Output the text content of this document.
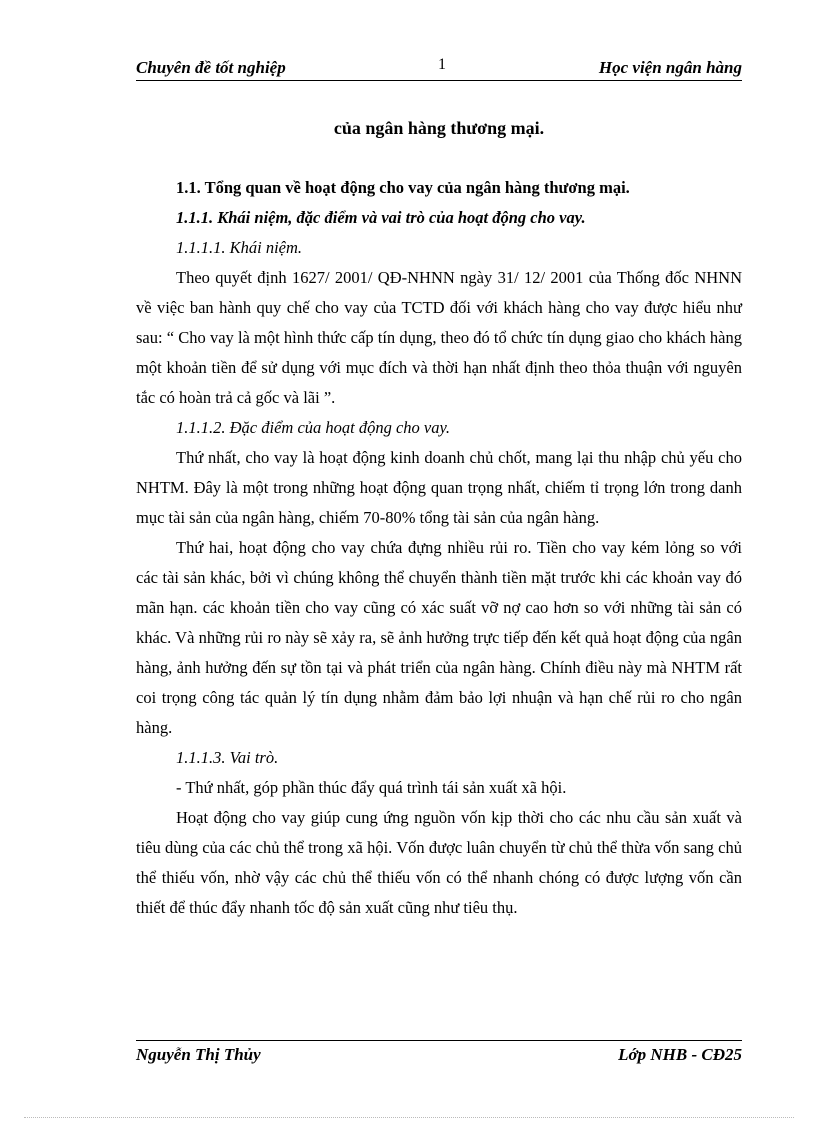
Chuyên đề tốt nghiệp	1	Học viện ngân hàng

của ngân hàng thương mại.

1.1. Tổng quan về hoạt động cho vay của ngân hàng thương mại.

1.1.1. Khái niệm, đặc điểm và vai trò của hoạt động cho vay.

1.1.1.1. Khái niệm.

Theo quyết định 1627/ 2001/ QĐ-NHNN ngày 31/ 12/ 2001 của Thống đốc NHNN về việc ban hành quy chế cho vay của TCTD đối với khách hàng cho vay được hiểu như sau: “ Cho vay là một hình thức cấp tín dụng, theo đó tổ chức tín dụng giao cho khách hàng một khoản tiền để sử dụng với mục đích và thời hạn nhất định theo thỏa thuận với nguyên tắc có hoàn trả cả gốc và lãi ”.

1.1.1.2. Đặc điểm của hoạt động cho vay.

Thứ nhất, cho vay là hoạt động kinh doanh chủ chốt, mang lại thu nhập chủ yếu cho NHTM. Đây là một trong những hoạt động quan trọng nhất, chiếm tỉ trọng lớn trong danh mục tài sản của ngân hàng, chiếm 70-80% tổng tài sản của ngân hàng.

Thứ hai, hoạt động cho vay chứa đựng nhiều rủi ro. Tiền cho vay kém lỏng so với các tài sản khác, bởi vì chúng không thể chuyển thành tiền mặt trước khi các khoản vay đó mãn hạn. các khoản tiền cho vay cũng có xác suất vỡ nợ cao hơn so với những tài sản có khác. Và những rủi ro này sẽ xảy ra, sẽ ảnh hưởng trực tiếp đến kết quả hoạt động của ngân hàng, ảnh hưởng đến sự tồn tại và phát triển của ngân hàng. Chính điều này mà NHTM rất coi trọng công tác quản lý tín dụng nhằm đảm bảo lợi nhuận và hạn chế rủi ro cho ngân hàng.

1.1.1.3. Vai trò.

- Thứ nhất, góp phần thúc đẩy quá trình tái sản xuất xã hội.

Hoạt động cho vay giúp cung ứng nguồn vốn kịp thời cho các nhu cầu sản xuất và tiêu dùng của các chủ thể trong xã hội. Vốn được luân chuyển từ chủ thể thừa vốn sang chủ thể thiếu vốn, nhờ vậy các chủ thể thiếu vốn có thể nhanh chóng có được lượng vốn cần thiết để thúc đẩy nhanh tốc độ sản xuất cũng như tiêu thụ.

Nguyễn Thị Thủy	Lớp NHB - CĐ25
